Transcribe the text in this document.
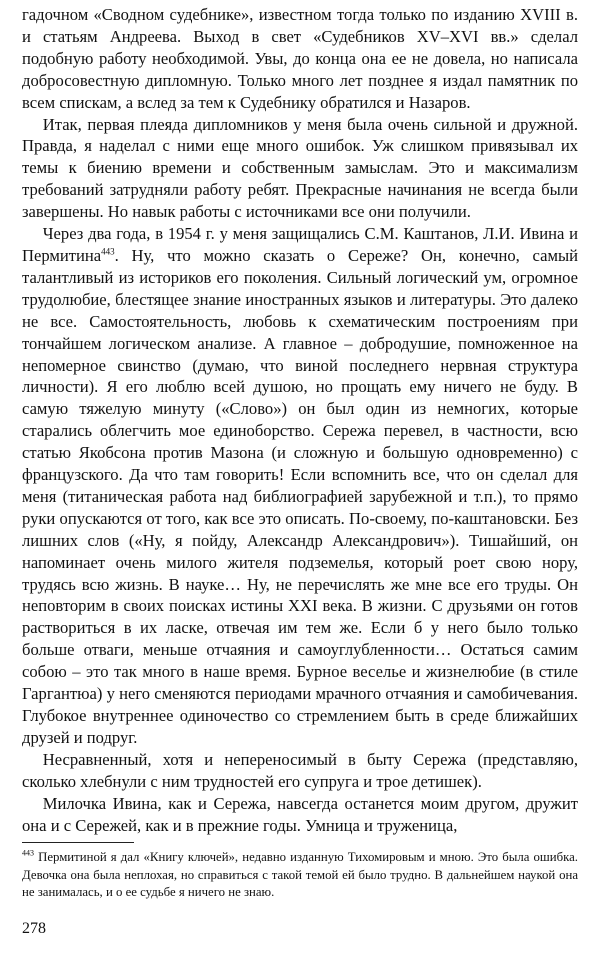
гадочном «Сводном судебнике», известном тогда только по изданию XVIII в. и статьям Андреева. Выход в свет «Судебников XV–XVI вв.» сделал подобную работу необходимой. Увы, до конца она ее не довела, но написала добросовестную дипломную. Только много лет позднее я издал памятник по всем спискам, а вслед за тем к Судебнику обратился и Назаров.

Итак, первая плеяда дипломников у меня была очень сильной и дружной. Правда, я наделал с ними еще много ошибок. Уж слишком привязывал их темы к биению времени и собственным замыслам. Это и максимализм требований затрудняли работу ребят. Прекрасные начинания не всегда были завершены. Но навык работы с источниками все они получили.

Через два года, в 1954 г. у меня защищались С.М. Каштанов, Л.И. Ивина и Пермитина$^{443}$. Ну, что можно сказать о Сереже? Он, конечно, самый талантливый из историков его поколения. Сильный логический ум, огромное трудолюбие, блестящее знание иностранных языков и литературы. Это далеко не все. Самостоятельность, любовь к схематическим построениям при тончайшем логическом анализе. А главное – добродушие, помноженное на непомерное свинство (думаю, что виной последнего нервная структура личности). Я его люблю всей душою, но прощать ему ничего не буду. В самую тяжелую минуту («Слово») он был один из немногих, которые старались облегчить мое единоборство. Сережа перевел, в частности, всю статью Якобсона против Мазона (и сложную и большую одновременно) с французского. Да что там говорить! Если вспомнить все, что он сделал для меня (титаническая работа над библиографией зарубежной и т.п.), то прямо руки опускаются от того, как все это описать. По-своему, по-каштановски. Без лишних слов («Ну, я пойду, Александр Александрович»). Тишайший, он напоминает очень милого жителя подземелья, который роет свою нору, трудясь всю жизнь. В науке… Ну, не перечислять же мне все его труды. Он неповторим в своих поисках истины XXI века. В жизни. С друзьями он готов раствориться в их ласке, отвечая им тем же. Если б у него было только больше отваги, меньше отчаяния и самоуглубленности… Остаться самим собою – это так много в наше время. Бурное веселье и жизнелюбие (в стиле Гаргантюа) у него сменяются периодами мрачного отчаяния и самобичевания. Глубокое внутреннее одиночество со стремлением быть в среде ближайших друзей и подруг.

Несравненный, хотя и непереносимый в быту Сережа (представляю, сколько хлебнули с ним трудностей его супруга и трое детишек).

Милочка Ивина, как и Сережа, навсегда останется моим другом, дружит она и с Сережей, как и в прежние годы. Умница и труженица,

$^{443}$ Пермитиной я дал «Книгу ключей», недавно изданную Тихомировым и мною. Это была ошибка. Девочка она была неплохая, но справиться с такой темой ей было трудно. В дальнейшем наукой она не занималась, и о ее судьбе я ничего не знаю.

278
